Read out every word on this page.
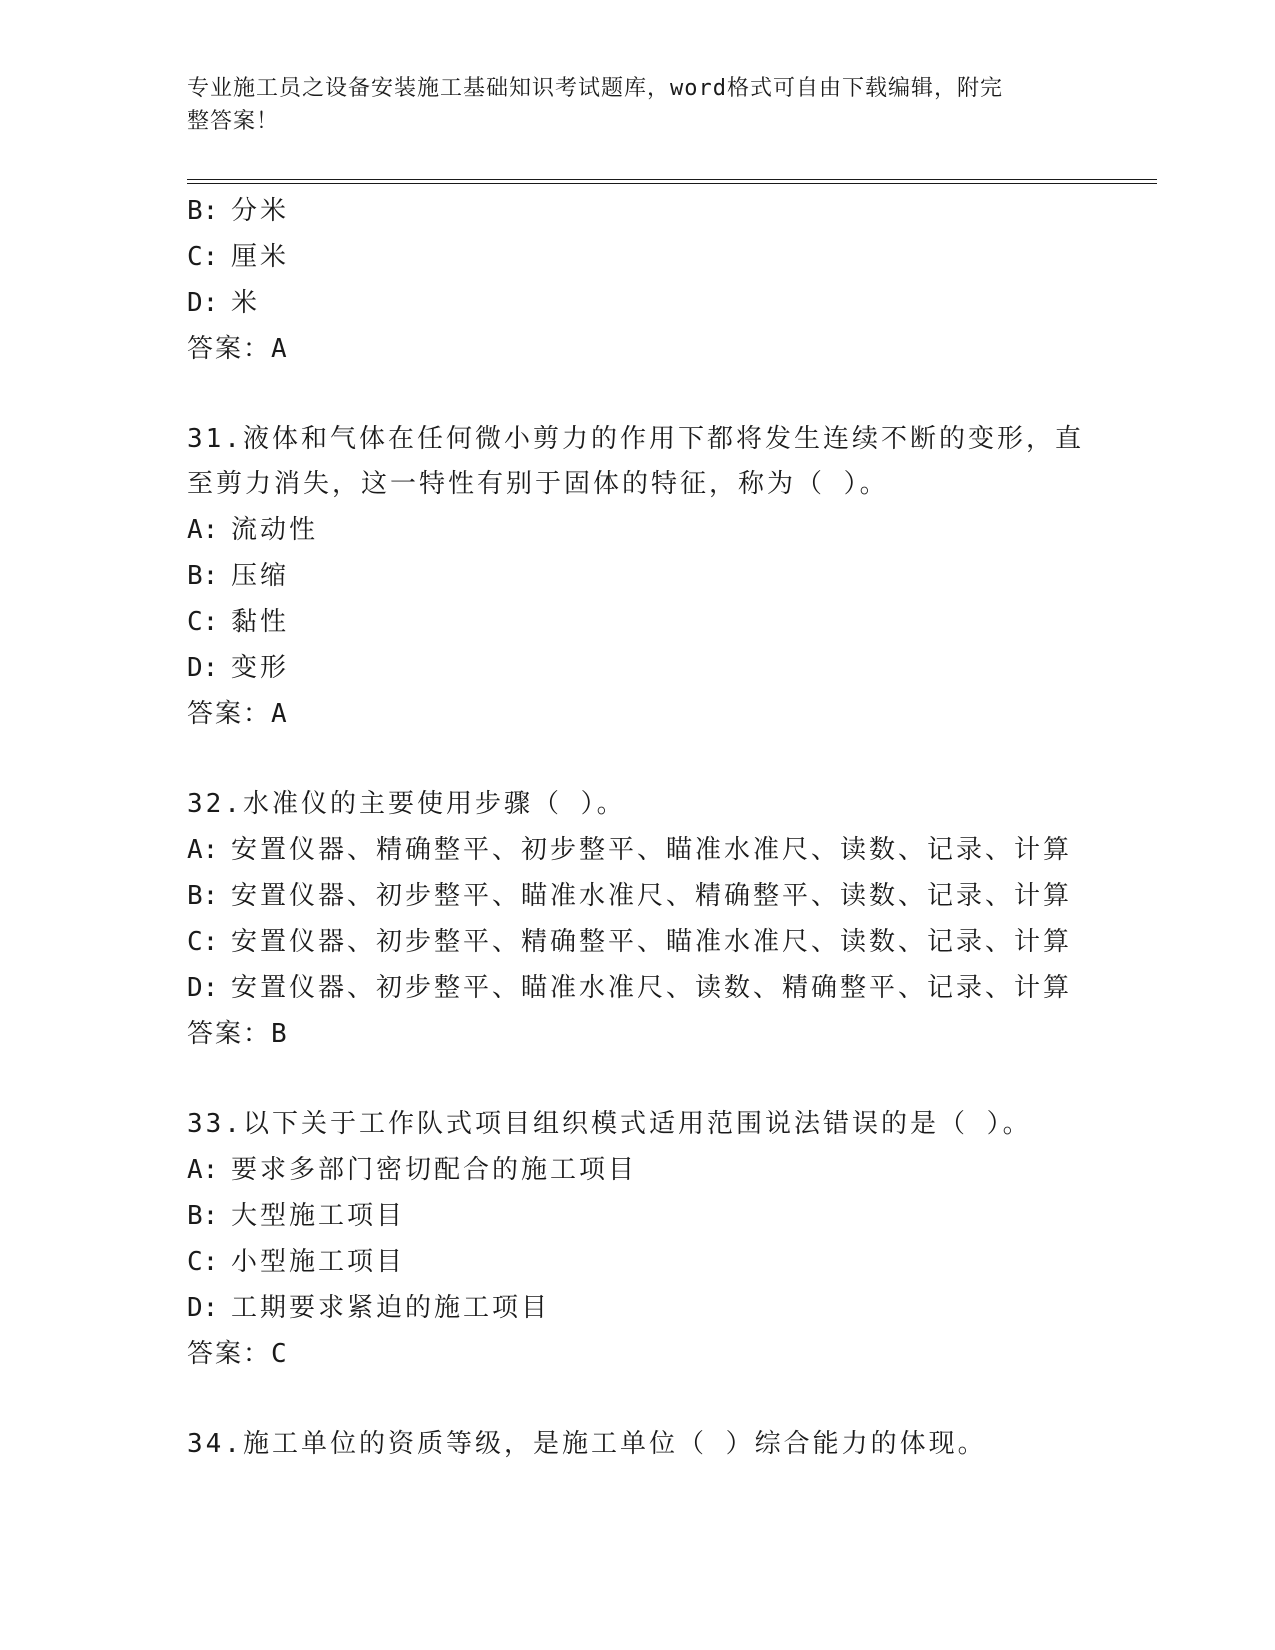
专业施工员之设备安装施工基础知识考试题库，word格式可自由下载编辑，附完
整答案！
B: 分米
C: 厘米
D: 米
答案：A
31.液体和气体在任何微小剪力的作用下都将发生连续不断的变形，直
至剪力消失，这一特性有别于固体的特征，称为（ ）。
A: 流动性
B: 压缩
C: 黏性
D: 变形
答案：A
32.水准仪的主要使用步骤（ ）。
A: 安置仪器、精确整平、初步整平、瞄准水准尺、读数、记录、计算
B: 安置仪器、初步整平、瞄准水准尺、精确整平、读数、记录、计算
C: 安置仪器、初步整平、精确整平、瞄准水准尺、读数、记录、计算
D: 安置仪器、初步整平、瞄准水准尺、读数、精确整平、记录、计算
答案：B
33.以下关于工作队式项目组织模式适用范围说法错误的是（ ）。
A: 要求多部门密切配合的施工项目
B: 大型施工项目
C: 小型施工项目
D: 工期要求紧迫的施工项目
答案：C
34.施工单位的资质等级，是施工单位（ ）综合能力的体现。
